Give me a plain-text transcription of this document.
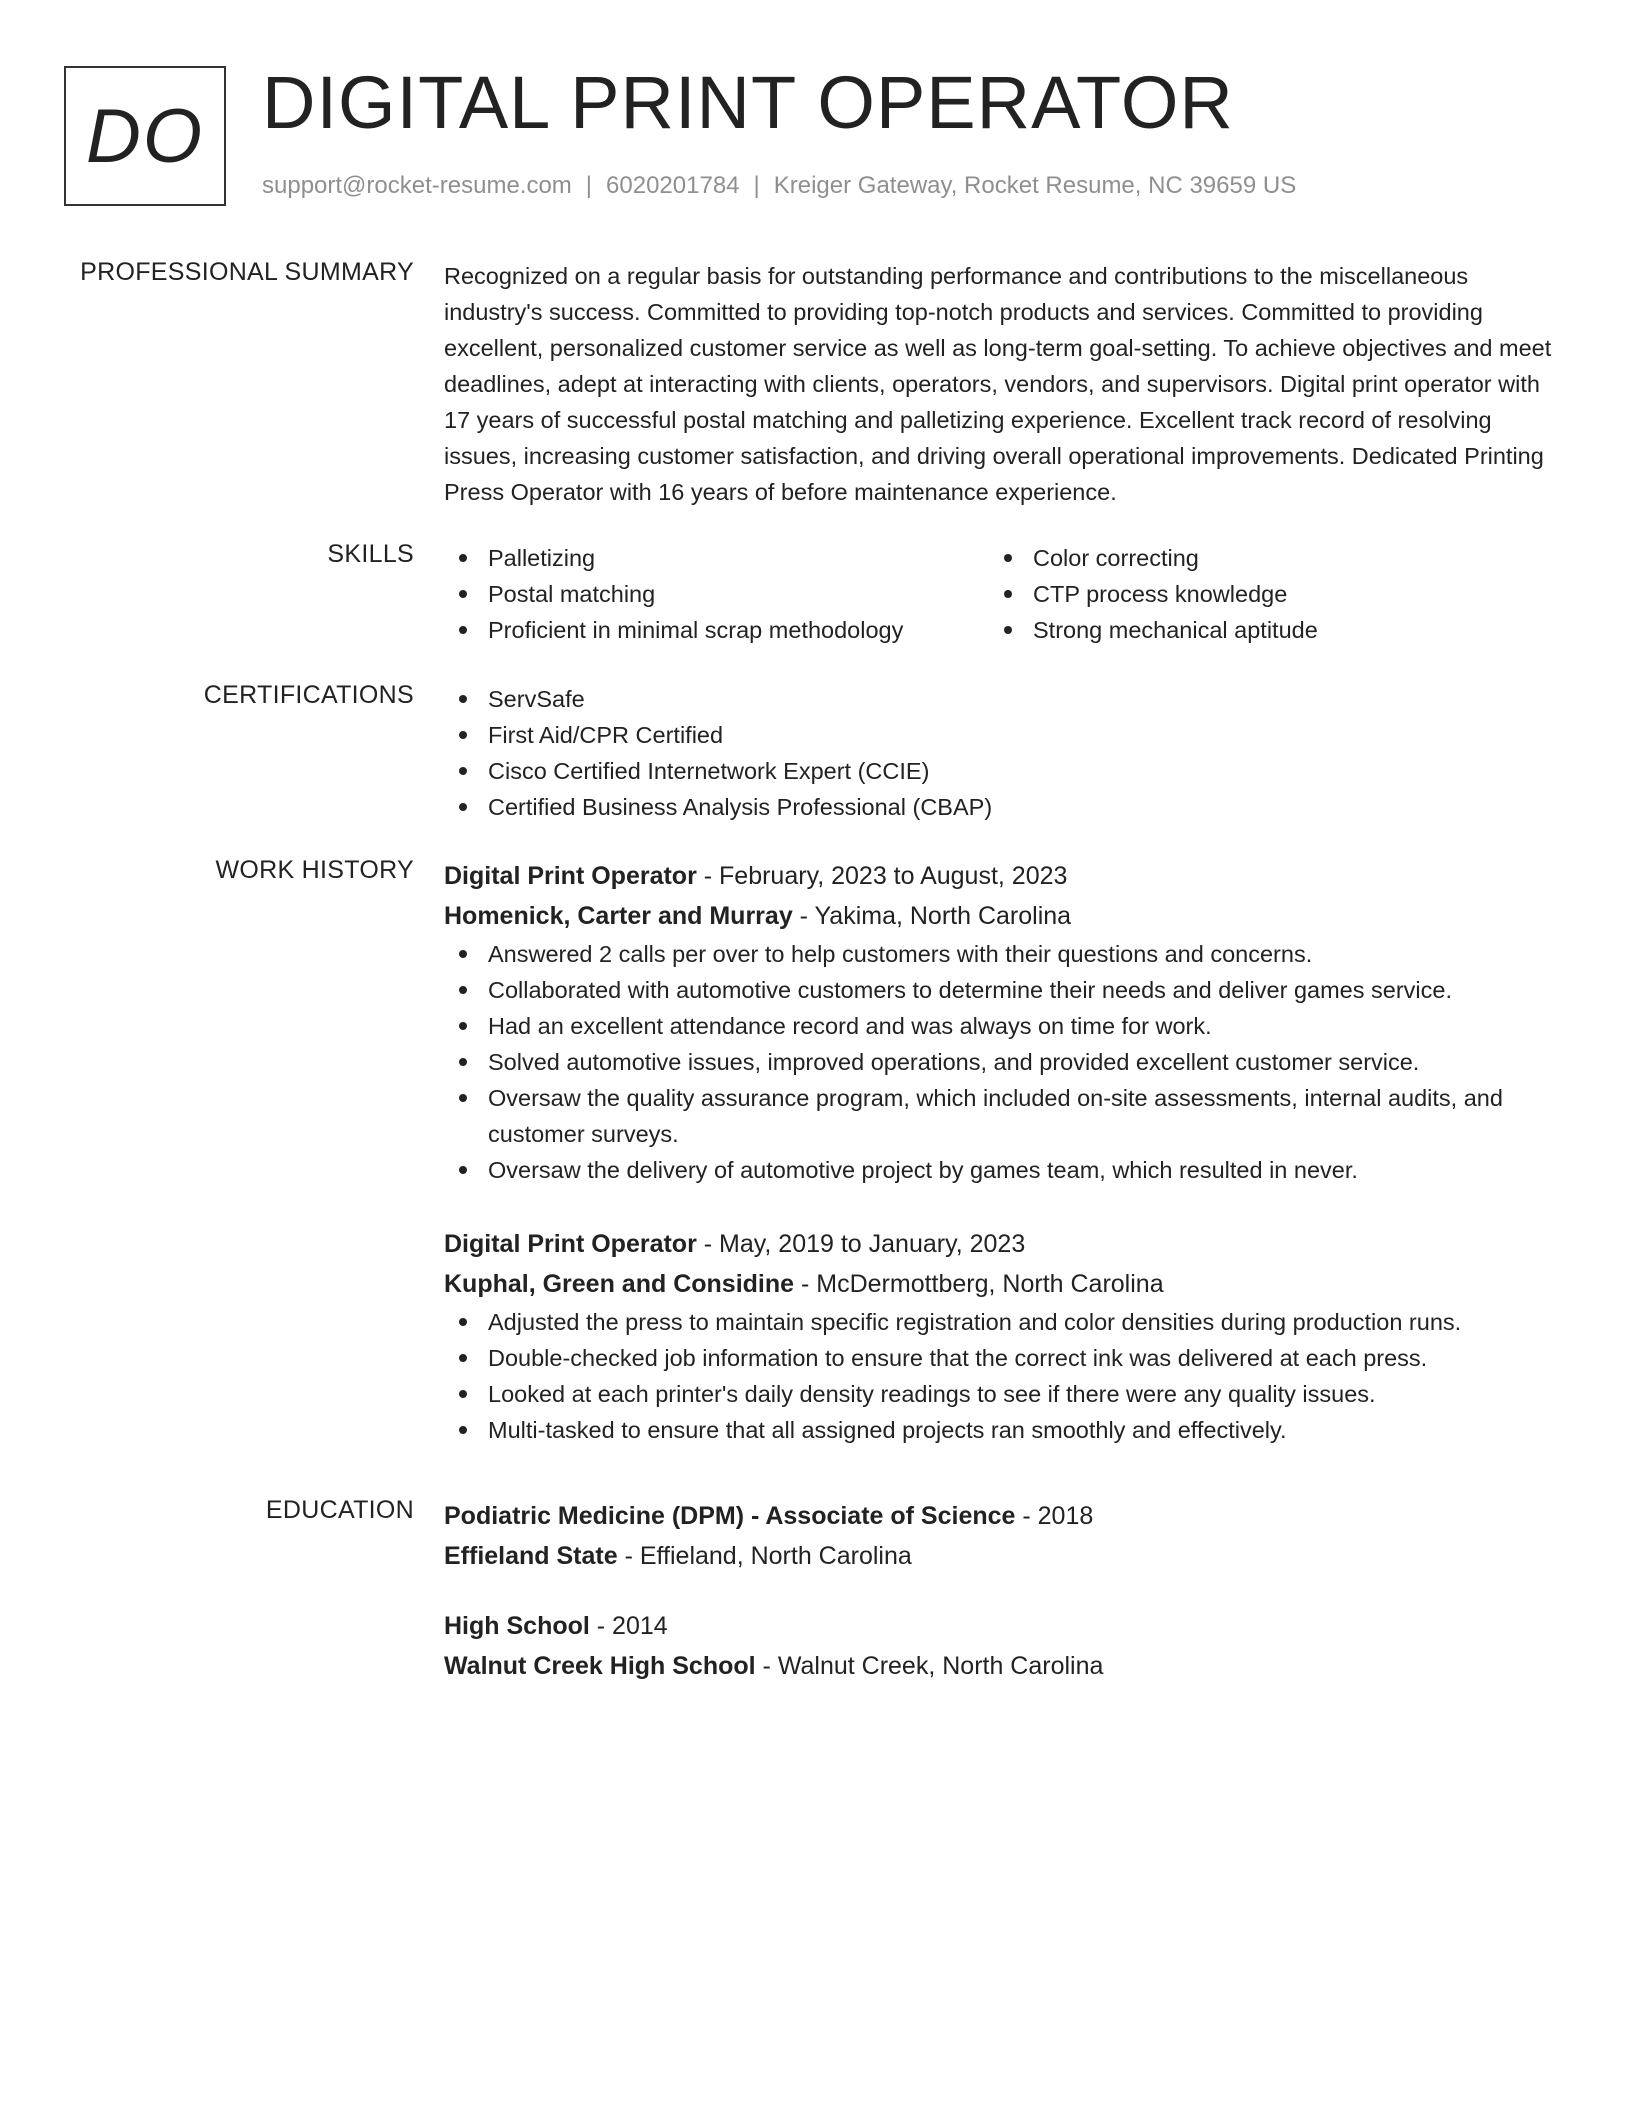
DO DIGITAL PRINT OPERATOR
support@rocket-resume.com | 6020201784 | Kreiger Gateway, Rocket Resume, NC 39659 US
PROFESSIONAL SUMMARY Recognized on a regular basis for outstanding performance and contributions to the miscellaneous industry's success. Committed to providing top-notch products and services. Committed to providing excellent, personalized customer service as well as long-term goal-setting. To achieve objectives and meet deadlines, adept at interacting with clients, operators, vendors, and supervisors. Digital print operator with 17 years of successful postal matching and palletizing experience. Excellent track record of resolving issues, increasing customer satisfaction, and driving overall operational improvements. Dedicated Printing Press Operator with 16 years of before maintenance experience.

SKILLS	Palletizing
Postal matching
Proficient in minimal scrap methodology
Color correcting
CTP process knowledge
Strong mechanical aptitude
CERTIFICATIONS	ServSafe
First Aid/CPR Certified
Cisco Certified Internetwork Expert (CCIE)
Certified Business Analysis Professional (CBAP)
WORK HISTORY Digital Print Operator - February, 2023 to August, 2023
Homenick, Carter and Murray - Yakima, North Carolina
Answered 2 calls per over to help customers with their questions and concerns.
Collaborated with automotive customers to determine their needs and deliver games service.
Had an excellent attendance record and was always on time for work.
Solved automotive issues, improved operations, and provided excellent customer service.
Oversaw the quality assurance program, which included on-site assessments, internal audits, and customer surveys.
Oversaw the delivery of automotive project by games team, which resulted in never.
Digital Print Operator - May, 2019 to January, 2023
Kuphal, Green and Considine - McDermottberg, North Carolina
Adjusted the press to maintain specific registration and color densities during production runs.
Double-checked job information to ensure that the correct ink was delivered at each press.
Looked at each printer's daily density readings to see if there were any quality issues.
Multi-tasked to ensure that all assigned projects ran smoothly and effectively.
EDUCATION Podiatric Medicine (DPM) - Associate of Science - 2018
Effieland State - Effieland, North Carolina
High School - 2014
Walnut Creek High School - Walnut Creek, North Carolina
